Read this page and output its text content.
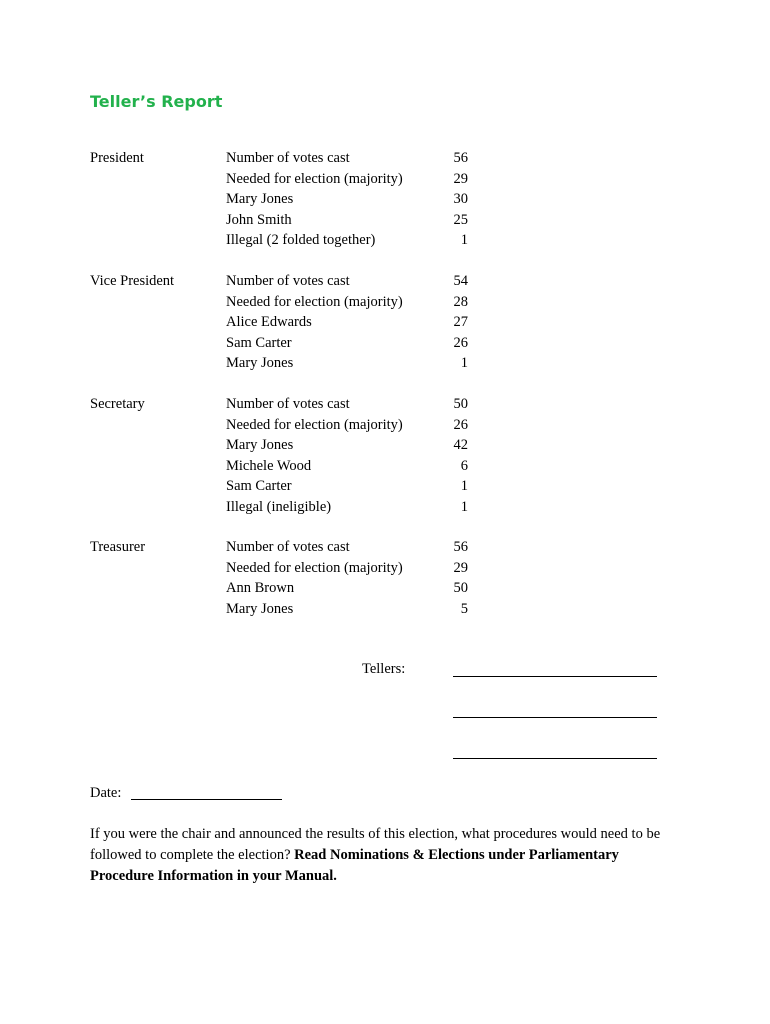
Teller’s Report
President	Number of votes cast	56
Needed for election (majority)	29
Mary Jones	30
John Smith	25
Illegal (2 folded together)	1
Vice President	Number of votes cast	54
Needed for election (majority)	28
Alice Edwards	27
Sam Carter	26
Mary Jones	1
Secretary	Number of votes cast	50
Needed for election (majority)	26
Mary Jones	42
Michele Wood	6
Sam Carter	1
Illegal (ineligible)	1
Treasurer	Number of votes cast	56
Needed for election (majority)	29
Ann Brown	50
Mary Jones	5
Tellers:
Date:
If you were the chair and announced the results of this election, what procedures would need to be followed to complete the election? Read Nominations & Elections under Parliamentary Procedure Information in your Manual.
